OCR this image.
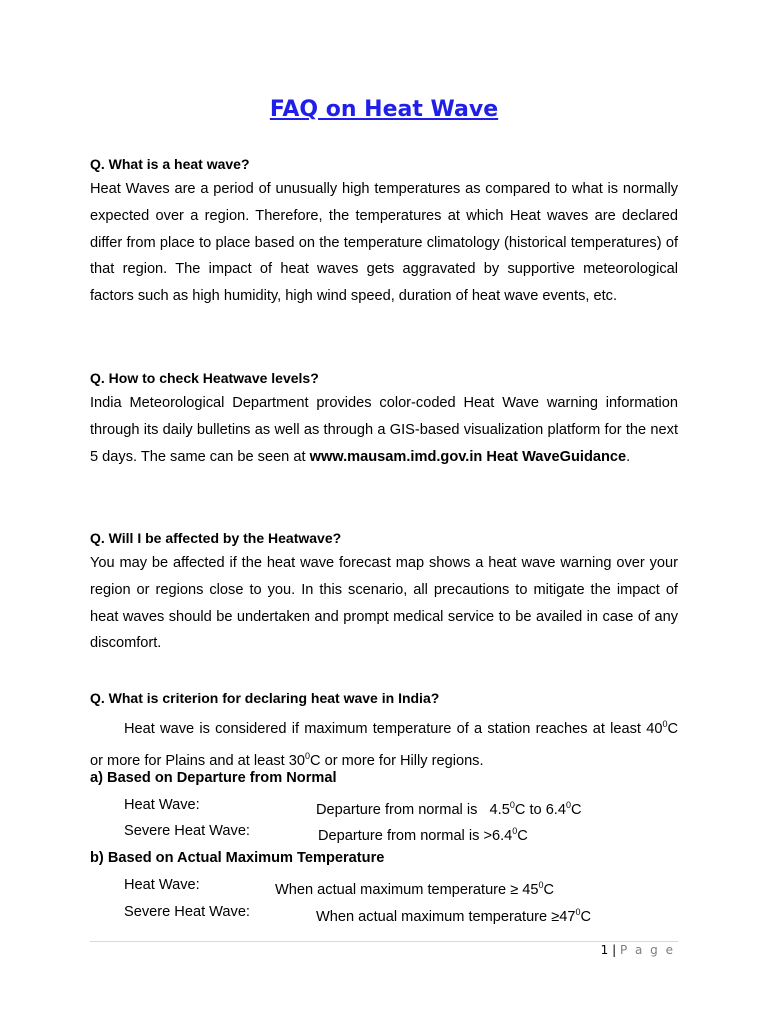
FAQ on Heat Wave
Q. What is a heat wave?
Heat Waves are a period of unusually high temperatures as compared to what is normally expected over a region. Therefore, the temperatures at which Heat waves are declared differ from place to place based on the temperature climatology (historical temperatures) of that region. The impact of heat waves gets aggravated by supportive meteorological factors such as high humidity, high wind speed, duration of heat wave events, etc.
Q. How to check Heatwave levels?
India Meteorological Department provides color-coded Heat Wave warning information through its daily bulletins as well as through a GIS-based visualization platform for the next 5 days. The same can be seen at www.mausam.imd.gov.in Heat WaveGuidance.
Q. Will I be affected by the Heatwave?
You may be affected if the heat wave forecast map shows a heat wave warning over your region or regions close to you. In this scenario, all precautions to mitigate the impact of heat waves should be undertaken and prompt medical service to be availed in case of any discomfort.
Q. What is criterion for declaring heat wave in India?
Heat wave is considered if maximum temperature of a station reaches at least $40^0C$ or more for Plains and at least $30^0C$ or more for Hilly regions.
a) Based on Departure from Normal
Heat Wave:	Departure from normal is   $4.5^0C$ to $6.4^0C$
Severe Heat Wave:	Departure from normal is $>6.4^0C$
b) Based on Actual Maximum Temperature
Heat Wave:	When actual maximum temperature ≥ $45^0C$
Severe Heat Wave:	When actual maximum temperature $\ge 47^0C$
1 | P a g e
